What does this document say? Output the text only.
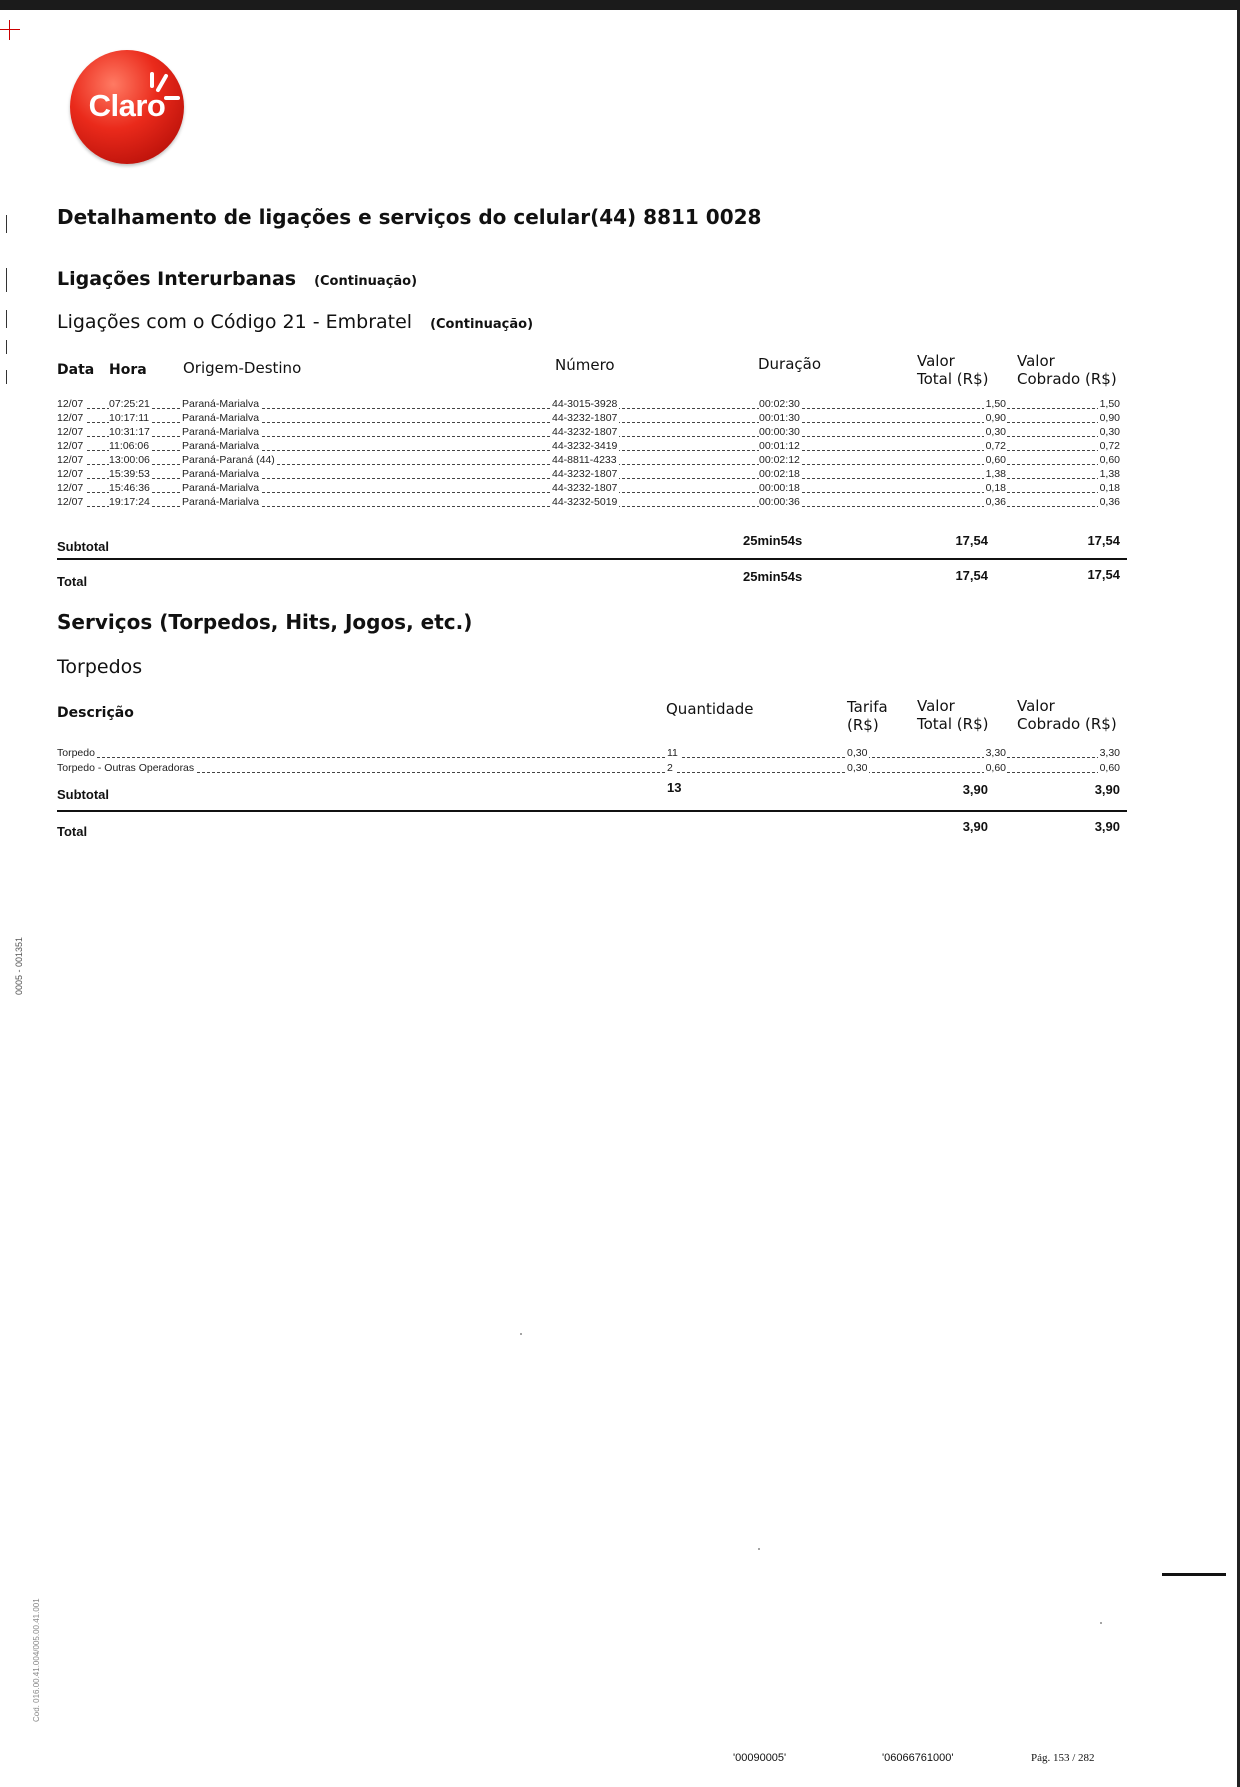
Claro
Detalhamento de ligações e serviços do celular(44) 8811 0028
Ligações Interurbanas (Continuação)
Ligações com o Código 21 - Embratel (Continuação)
Data Hora Origem-Destino	Número	Duração	Valor
Total (R$)
Valor
Cobrado (R$)
12/07 07:25:21	Paraná-Marialva	44-3015-3928	00:02:30	1,50	1,50
12/07 10:17:11	Paraná-Marialva	44-3232-1807	00:01:30	0,90	0,90
12/07 10:31:17	Paraná-Marialva	44-3232-1807	00:00:30	0,30	0,30
12/07 11:06:06	Paraná-Marialva	44-3232-3419	00:01:12	0,72	0,72
12/07 13:00:06	Paraná-Paraná (44)	44-8811-4233	00:02:12	0,60	0,60
12/07 15:39:53	Paraná-Marialva	44-3232-1807	00:02:18	1,38	1,38
12/07 15:46:36	Paraná-Marialva	44-3232-1807	00:00:18	0,18	0,18
12/07 19:17:24	Paraná-Marialva	44-3232-5019	00:00:36	0,36	0,36
Subtotal	25min54s	17,54	17,54
Total	25min54s	17,54	17,54
Serviços (Torpedos, Hits, Jogos, etc.)
Torpedos
Descrição	Quantidade	Tarifa
(R$)
Valor
Total (R$)
Valor
Cobrado (R$)
Torpedo	11	0,30	3,30	3,30
Torpedo - Outras Operadoras	2	0,30	0,60	0,60
Subtotal	13	3,90	3,90
Total	3,90	3,90
0005 - 001351
Cod. 016.00.41.004/005.00.41.001
'00090005'	'06066761000'	Pág. 153 / 282
